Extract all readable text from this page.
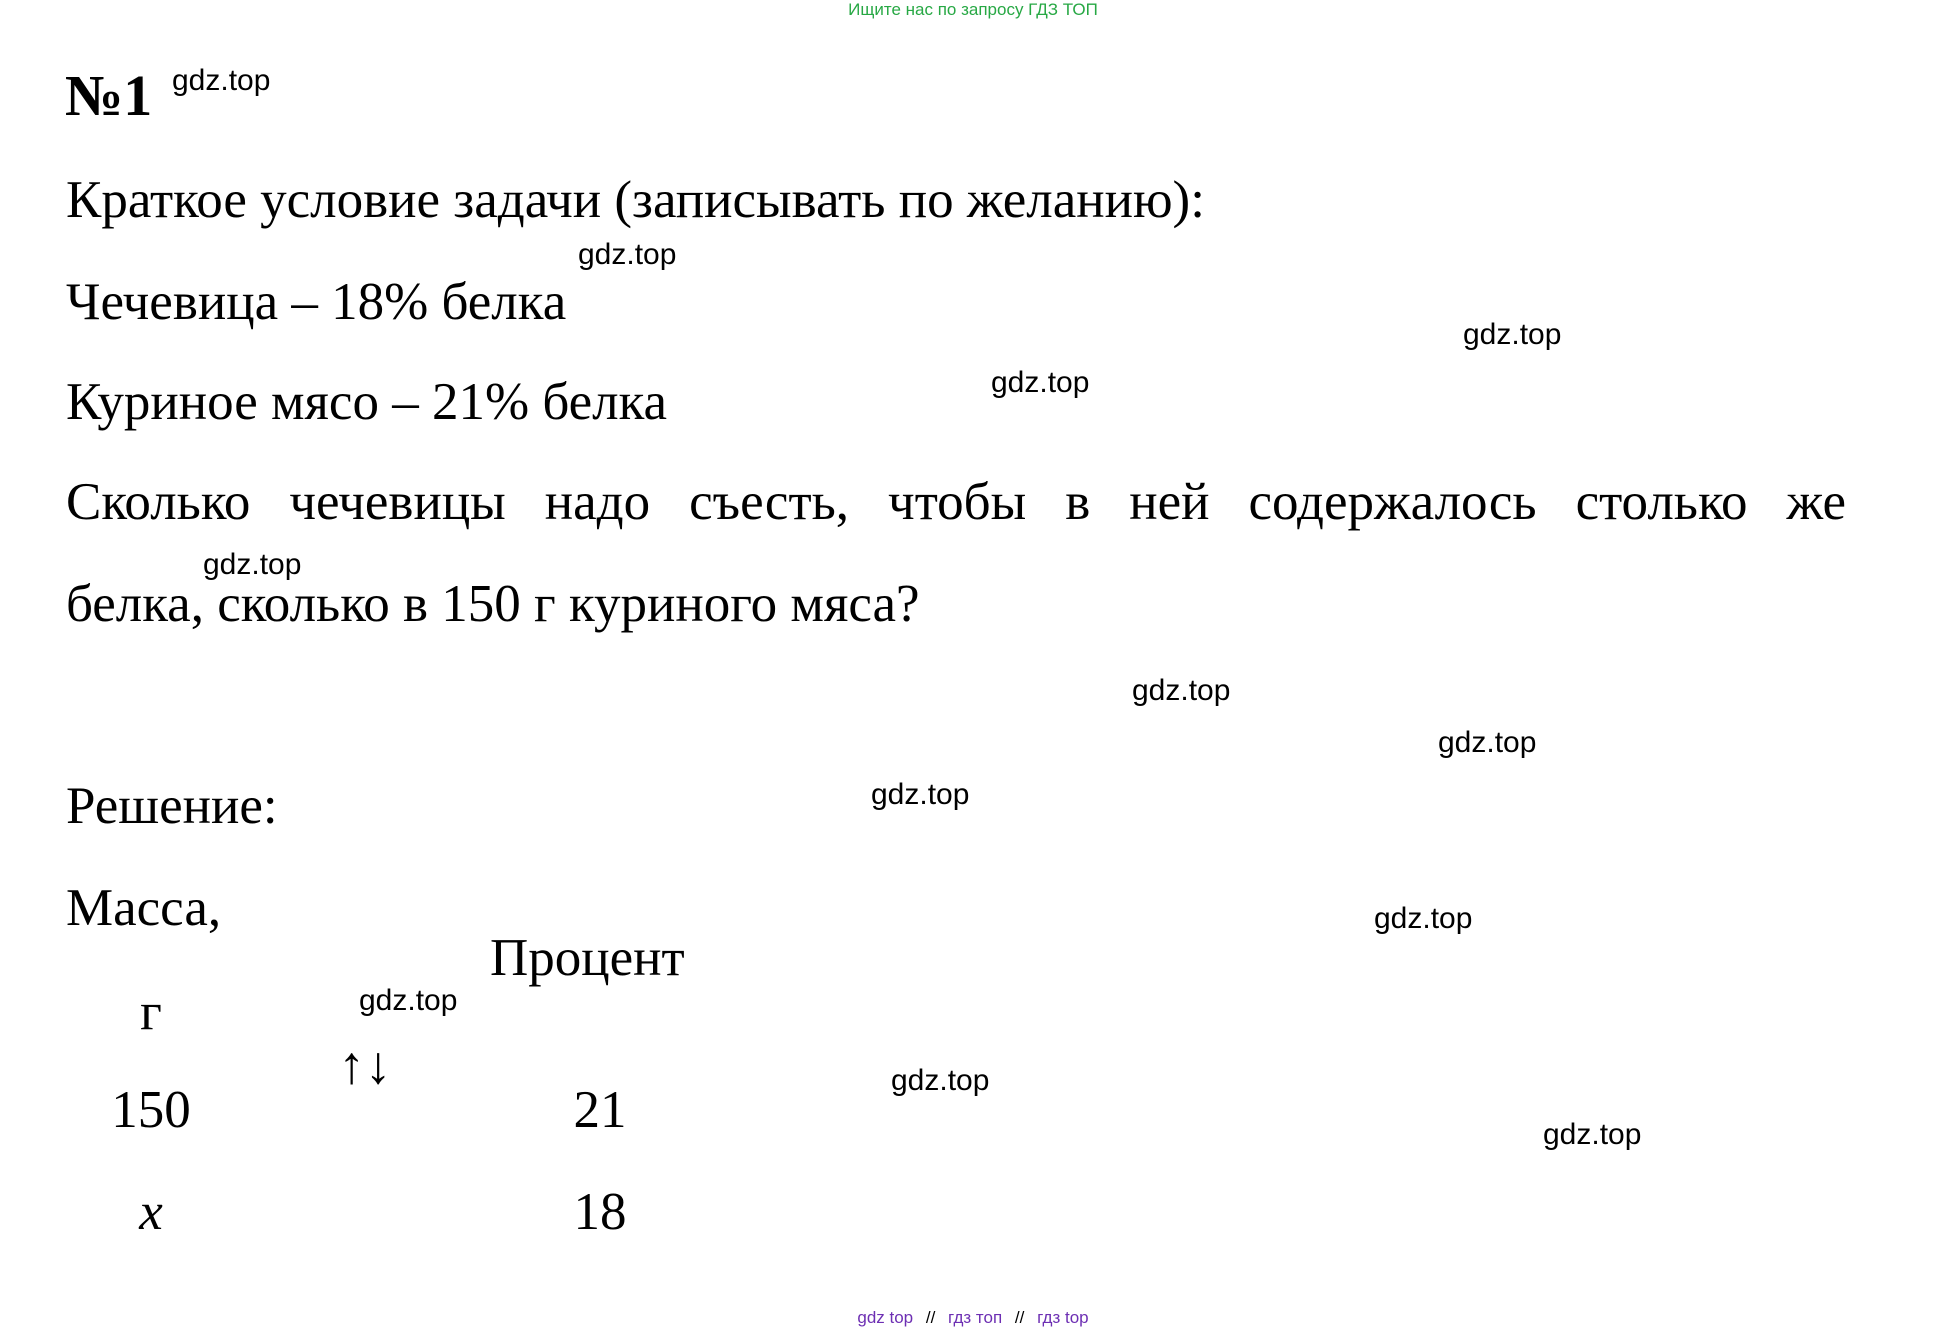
Ищите нас по запросу ГДЗ ТОП
№1
Краткое условие задачи (записывать по желанию):
Чечевица – 18% белка
Куриное мясо – 21% белка
Сколько чечевицы надо съесть, чтобы в ней содержалось столько же
белка, сколько в 150 г куриного мяса?
Решение:
Масса,
г
Процент
↑↓
150	21
x	18
gdz.top
gdz.top
gdz.top
gdz.top
gdz.top
gdz.top
gdz.top
gdz.top
gdz.top
gdz.top
gdz.top
gdz.top
gdz top // гдз топ // гдз top
